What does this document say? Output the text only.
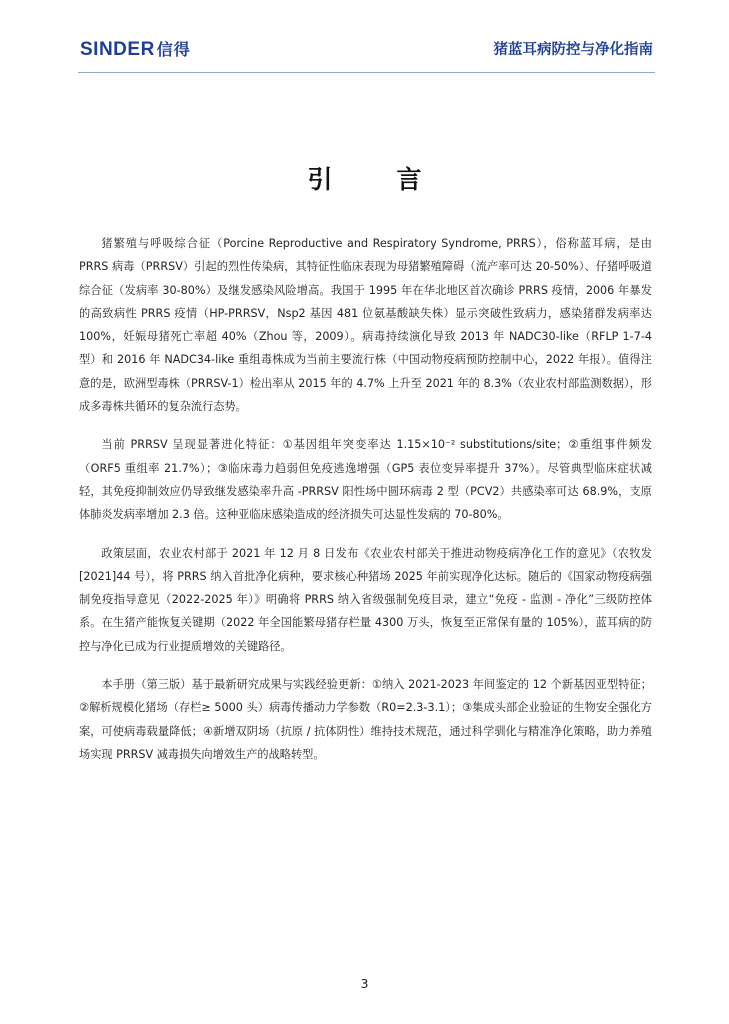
SINDER 信得	猪蓝耳病防控与净化指南
引言

猪繁殖与呼吸综合征（Porcine Reproductive and Respiratory Syndrome, PRRS），俗称蓝耳病，是由 PRRS 病毒（PRRSV）引起的烈性传染病，其特征性临床表现为母猪繁殖障碍（流产率可达 20-50%）、仔猪呼吸道综合征（发病率 30-80%）及继发感染风险增高。我国于 1995 年在华北地区首次确诊 PRRS 疫情，2006 年暴发的高致病性 PRRS 疫情（HP-PRRSV，Nsp2 基因 481 位氨基酸缺失株）显示突破性致病力，感染猪群发病率达 100%，妊娠母猪死亡率超 40%（Zhou 等，2009）。病毒持续演化导致 2013 年 NADC30-like（RFLP 1-7-4 型）和 2016 年 NADC34-like 重组毒株成为当前主要流行株（中国动物疫病预防控制中心，2022 年报）。值得注意的是，欧洲型毒株（PRRSV-1）检出率从 2015 年的 4.7% 上升至 2021 年的 8.3%（农业农村部监测数据），形成多毒株共循环的复杂流行态势。

当前 PRRSV 呈现显著进化特征：①基因组年突变率达 1.15×10⁻² substitutions/site；②重组事件频发（ORF5 重组率 21.7%）；③临床毒力趋弱但免疫逃逸增强（GP5 表位变异率提升 37%）。尽管典型临床症状减轻，其免疫抑制效应仍导致继发感染率升高 -PRRSV 阳性场中圆环病毒 2 型（PCV2）共感染率可达 68.9%，支原体肺炎发病率增加 2.3 倍。这种亚临床感染造成的经济损失可达显性发病的 70-80%。

政策层面，农业农村部于 2021 年 12 月 8 日发布《农业农村部关于推进动物疫病净化工作的意见》（农牧发 [2021]44 号），将 PRRS 纳入首批净化病种，要求核心种猪场 2025 年前实现净化达标。随后的《国家动物疫病强制免疫指导意见（2022-2025 年）》明确将 PRRS 纳入省级强制免疫目录，建立“免疫 - 监测 - 净化”三级防控体系。在生猪产能恢复关键期（2022 年全国能繁母猪存栏量 4300 万头，恢复至正常保有量的 105%），蓝耳病的防控与净化已成为行业提质增效的关键路径。

本手册（第三版）基于最新研究成果与实践经验更新：①纳入 2021-2023 年间鉴定的 12 个新基因亚型特征；②解析规模化猪场（存栏≥ 5000 头）病毒传播动力学参数（R0=2.3-3.1）；③集成头部企业验证的生物安全强化方案，可使病毒载量降低；④新增双阴场（抗原 / 抗体阴性）维持技术规范，通过科学驯化与精准净化策略，助力养殖场实现 PRRSV 减毒损失向增效生产的战略转型。

3
